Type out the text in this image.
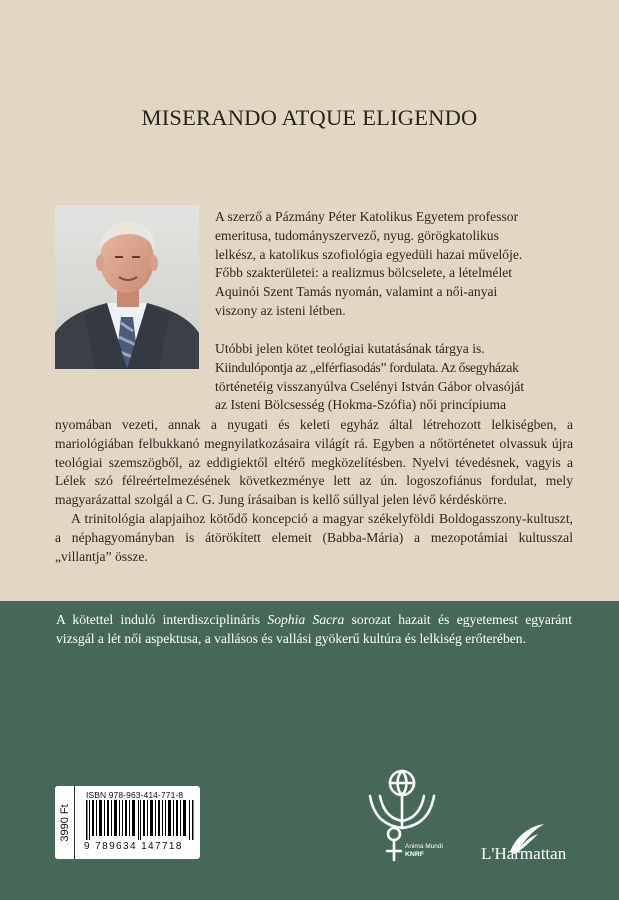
MISERANDO ATQUE ELIGENDO

A szerző a Pázmány Péter Katolikus Egyetem professor

emeritusa, tudományszervező, nyug. görögkatolikus

lelkész, a katolikus szofiológia egyedüli hazai művelője.

Főbb szakterületei: a realizmus bölcselete, a lételmélet

Aquinói Szent Tamás nyomán, valamint a női-anyai

viszony az isteni létben.

Utóbbi jelen kötet teológiai kutatásának tárgya is.

Kiindulópontja az „elférfiasodás” fordulata. Az ősegyházak

történetéig visszanyúlva Cselényi István Gábor olvasóját

az Isteni Bölcsesség (Hokma-Szófia) női princípiuma

nyomában vezeti, annak a nyugati és keleti egyház által létrehozott lelkiségben, a mariológiában felbukkanó megnyilatkozásaira világít rá. Egyben a nőtörténetet olvassuk újra teológiai szemszögből, az eddigiektől eltérő megközelítésben. Nyelvi tévedésnek, vagyis a Lélek szó félreértelmezésének következménye lett az ún. logoszofiánus fordulat, mely magyarázattal szolgál a C. G. Jung írásaiban is kellő súllyal jelen lévő kérdéskörre.

A trinitológia alapjaihoz kötődő koncepció a magyar székelyföldi Boldogasszony-kultuszt, a néphagyományban is átörökített elemeit (Babba-Mária) a mezopotámiai kultusszal „villantja” össze.

A kötettel induló interdiszciplináris Sophia Sacra sorozat hazait és egyetemest egyaránt vizsgál a lét női aspektusa, a vallásos és vallási gyökerű kultúra és lelkiség erőterében.
3990 Ft
ISBN 978-963-414-771-8
9 789634 147718	Anima Mundi
KNRF	L'Harmattan
